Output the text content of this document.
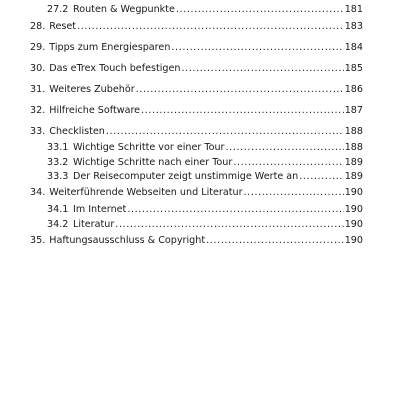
27.2 Routen & Wegpunkte .....	181
28. Reset .....	183
29. Tipps zum Energiesparen .....	184
30. Das eTrex Touch befestigen .....	185
31. Weiteres Zubehör .....	186
32. Hilfreiche Software .....	187
33. Checklisten .....	188
33.1 Wichtige Schritte vor einer Tour .....	188
33.2 Wichtige Schritte nach einer Tour .....	189
33.3 Der Reisecomputer zeigt unstimmige Werte an .....	189
34. Weiterführende Webseiten und Literatur .....	190
34.1 Im Internet .....	190
34.2 Literatur .....	190
35. Haftungsausschluss & Copyright .....	190
